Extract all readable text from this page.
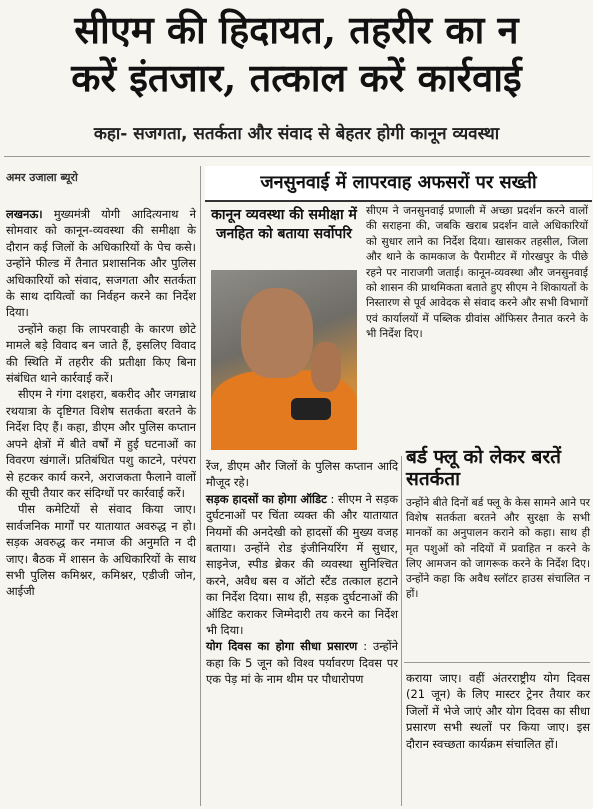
सीएम की हिदायत, तहरीर का न
करें इंतजार, तत्काल करें कार्रवाई
कहा- सजगता, सतर्कता और संवाद से बेहतर होगी कानून व्यवस्था
अमर उजाला ब्यूरो

लखनऊ। मुख्यमंत्री योगी आदित्यनाथ ने सोमवार को कानून-व्यवस्था की समीक्षा के दौरान कई जिलों के अधिकारियों के पेच कसे। उन्होंने फील्ड में तैनात प्रशासनिक और पुलिस अधिकारियों को संवाद, सजगता और सतर्कता के साथ दायित्वों का निर्वहन करने का निर्देश दिया।

उन्होंने कहा कि लापरवाही के कारण छोटे मामले बड़े विवाद बन जाते हैं, इसलिए विवाद की स्थिति में तहरीर की प्रतीक्षा किए बिना संबंधित थाने कार्रवाई करें।

सीएम ने गंगा दशहरा, बकरीद और जगन्नाथ रथयात्रा के दृष्टिगत विशेष सतर्कता बरतने के निर्देश दिए हैं। कहा, डीएम और पुलिस कप्तान अपने क्षेत्रों में बीते वर्षों में हुई घटनाओं का विवरण खंगालें। प्रतिबंधित पशु काटने, परंपरा से हटकर कार्य करने, अराजकता फैलाने वालों की सूची तैयार कर संदिग्धों पर कार्रवाई करें।

पीस कमेटियों से संवाद किया जाए। सार्वजनिक मार्गों पर यातायात अवरुद्ध न हो। सड़क अवरुद्ध कर नमाज की अनुमति न दी जाए। बैठक में शासन के अधिकारियों के साथ सभी पुलिस कमिश्नर, कमिश्नर, एडीजी जोन, आईजी

जनसुनवाई में लापरवाह अफसरों पर सख्ती
कानून व्यवस्था की समीक्षा में जनहित को बताया सर्वोपरि

सीएम ने जनसुनवाई प्रणाली में अच्छा प्रदर्शन करने वालों की सराहना की, जबकि खराब प्रदर्शन वाले अधिकारियों को सुधार लाने का निर्देश दिया। खासकर तहसील, जिला और थाने के कामकाज के पैरामीटर में गोरखपुर के पीछे रहने पर नाराजगी जताई। कानून-व्यवस्था और जनसुनवाई को शासन की प्राथमिकता बताते हुए सीएम ने शिकायतों के निस्तारण से पूर्व आवेदक से संवाद करने और सभी विभागों एवं कार्यालयों में पब्लिक ग्रीवांस ऑफिसर तैनात करने के भी निर्देश दिए।

रेंज, डीएम और जिलों के पुलिस कप्तान आदि मौजूद रहे।

सड़क हादसों का होगा ऑडिट : सीएम ने सड़क दुर्घटनाओं पर चिंता व्यक्त की और यातायात नियमों की अनदेखी को हादसों की मुख्य वजह बताया। उन्होंने रोड इंजीनियरिंग में सुधार, साइनेज, स्पीड ब्रेकर की व्यवस्था सुनिश्चित करने, अवैध बस व ऑटो स्टैंड तत्काल हटाने का निर्देश दिया। साथ ही, सड़क दुर्घटनाओं की ऑडिट कराकर जिम्मेदारी तय करने का निर्देश भी दिया।

योग दिवस का होगा सीधा प्रसारण : उन्होंने कहा कि 5 जून को विश्व पर्यावरण दिवस पर एक पेड़ मां के नाम थीम पर पौधारोपण

बर्ड फ्लू को लेकर बरतें सतर्कता

उन्होंने बीते दिनों बर्ड फ्लू के केस सामने आने पर विशेष सतर्कता बरतने और सुरक्षा के सभी मानकों का अनुपालन कराने को कहा। साथ ही मृत पशुओं को नदियों में प्रवाहित न करने के लिए आमजन को जागरूक करने के निर्देश दिए। उन्होंने कहा कि अवैध स्लॉटर हाउस संचालित न हों।

कराया जाए। वहीं अंतरराष्ट्रीय योग दिवस (21 जून) के लिए मास्टर ट्रेनर तैयार कर जिलों में भेजे जाएं और योग दिवस का सीधा प्रसारण सभी स्थलों पर किया जाए। इस दौरान स्वच्छता कार्यक्रम संचालित हों।
